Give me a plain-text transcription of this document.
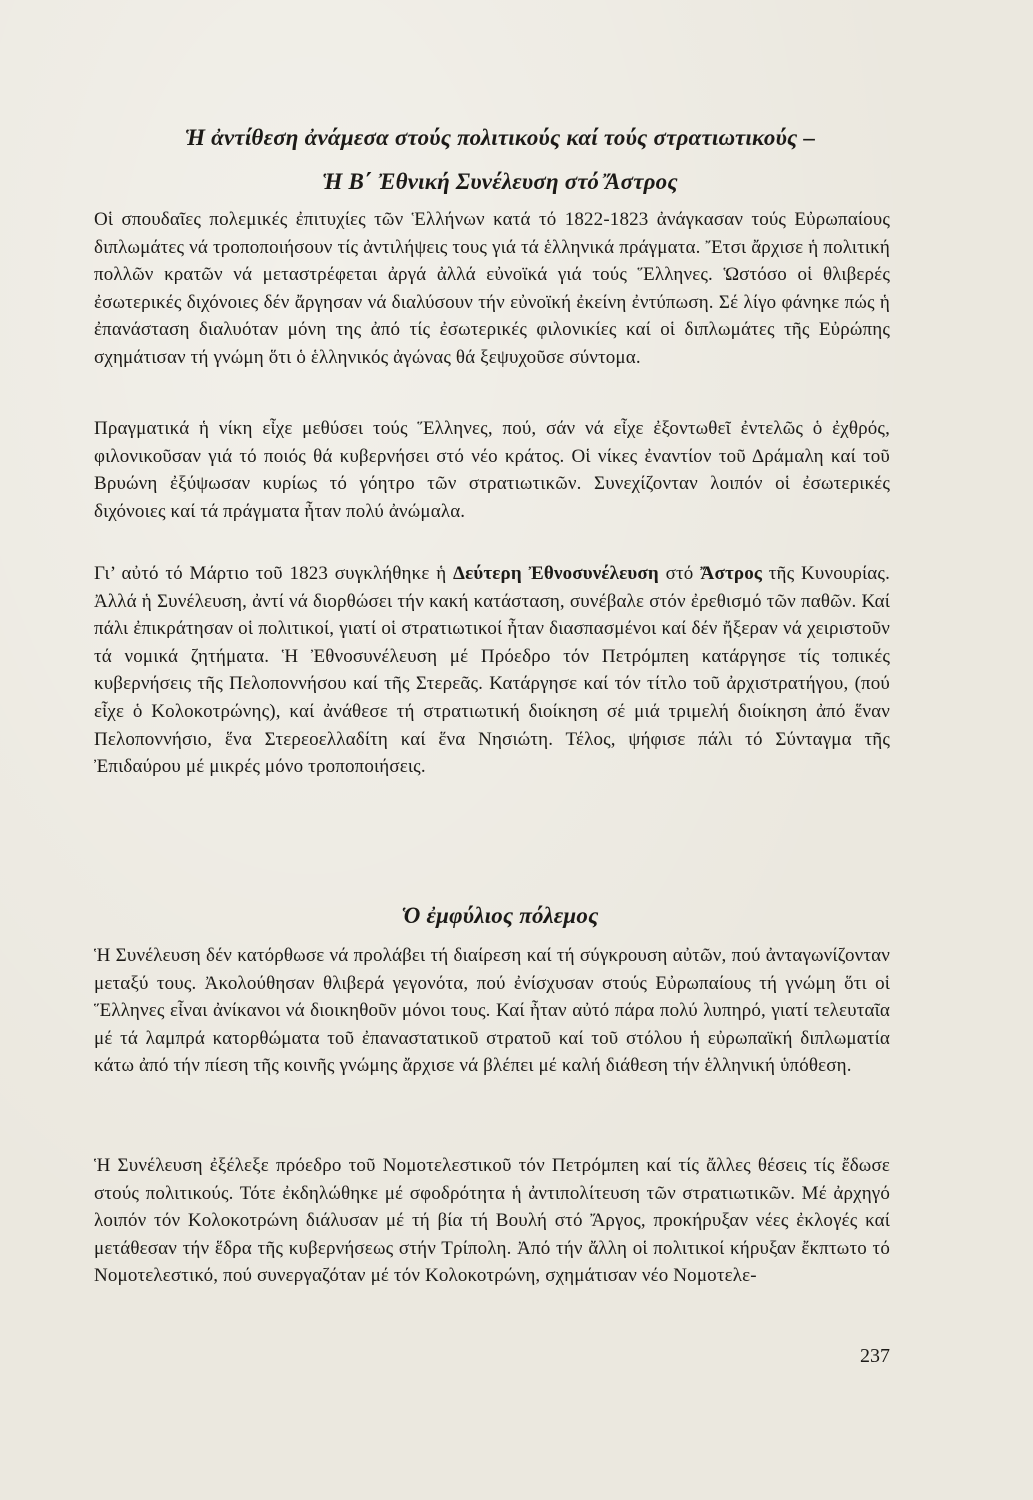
Ἡ ἀντίθεση ἀνάμεσα στούς πολιτικούς καί τούς στρατιωτικούς –
Ἡ Β΄ Ἐθνική Συνέλευση στό Ἄστρος

Οἱ σπουδαῖες πολεμικές ἐπιτυχίες τῶν Ἑλλήνων κατά τό 1822-1823 ἀνάγκασαν τούς Εὐρωπαίους διπλωμάτες νά τροποποιήσουν τίς ἀντιλήψεις τους γιά τά ἑλληνικά πράγματα. Ἔτσι ἄρχισε ἡ πολιτική πολλῶν κρατῶν νά μεταστρέφεται ἀργά ἀλλά εὐνοϊκά γιά τούς Ἕλληνες. Ὡστόσο οἱ θλιβερές ἐσωτερικές διχόνοιες δέν ἄργησαν νά διαλύσουν τήν εὐνοϊκή ἐκείνη ἐντύπωση. Σέ λίγο φάνηκε πώς ἡ ἐπανάσταση διαλυόταν μόνη της ἀπό τίς ἐσωτερικές φιλονικίες καί οἱ διπλωμάτες τῆς Εὐρώπης σχημάτισαν τή γνώμη ὅτι ὁ ἑλληνικός ἀγώνας θά ξεψυχοῦσε σύντομα.

Πραγματικά ἡ νίκη εἶχε μεθύσει τούς Ἕλληνες, πού, σάν νά εἶχε ἐξοντωθεῖ ἐντελῶς ὁ ἐχθρός, φιλονικοῦσαν γιά τό ποιός θά κυβερνήσει στό νέο κράτος. Οἱ νίκες ἐναντίον τοῦ Δράμαλη καί τοῦ Βρυώνη ἐξύψωσαν κυρίως τό γόητρο τῶν στρατιωτικῶν. Συνεχίζονταν λοιπόν οἱ ἐσωτερικές διχόνοιες καί τά πράγματα ἦταν πολύ ἀνώμαλα.

Γι’ αὐτό τό Μάρτιο τοῦ 1823 συγκλήθηκε ἡ Δεύτερη Ἐθνοσυνέλευση στό Ἄστρος τῆς Κυνουρίας. Ἀλλά ἡ Συνέλευση, ἀντί νά διορθώσει τήν κακή κατάσταση, συνέβαλε στόν ἐρεθισμό τῶν παθῶν. Καί πάλι ἐπικράτησαν οἱ πολιτικοί, γιατί οἱ στρατιωτικοί ἦταν διασπασμένοι καί δέν ἤξεραν νά χειριστοῦν τά νομικά ζητήματα. Ἡ Ἐθνοσυνέλευση μέ Πρόεδρο τόν Πετρόμπεη κατάργησε τίς τοπικές κυβερνήσεις τῆς Πελοποννήσου καί τῆς Στερεᾶς. Κατάργησε καί τόν τίτλο τοῦ ἀρχιστρατήγου, (πού εἶχε ὁ Κολοκοτρώνης), καί ἀνάθεσε τή στρατιωτική διοίκηση σέ μιά τριμελή διοίκηση ἀπό ἕναν Πελοποννήσιο, ἕνα Στερεοελλαδίτη καί ἕνα Νησιώτη. Τέλος, ψήφισε πάλι τό Σύνταγμα τῆς Ἐπιδαύρου μέ μικρές μόνο τροποποιήσεις.

Ὁ ἐμφύλιος πόλεμος

Ἡ Συνέλευση δέν κατόρθωσε νά προλάβει τή διαίρεση καί τή σύγκρουση αὐτῶν, πού ἀνταγωνίζονταν μεταξύ τους. Ἀκολούθησαν θλιβερά γεγονότα, πού ἐνίσχυσαν στούς Εὐρωπαίους τή γνώμη ὅτι οἱ Ἕλληνες εἶναι ἀνίκανοι νά διοικηθοῦν μόνοι τους. Καί ἦταν αὐτό πάρα πολύ λυπηρό, γιατί τελευταῖα μέ τά λαμπρά κατορθώματα τοῦ ἐπαναστατικοῦ στρατοῦ καί τοῦ στόλου ἡ εὐρωπαϊκή διπλωματία κάτω ἀπό τήν πίεση τῆς κοινῆς γνώμης ἄρχισε νά βλέπει μέ καλή διάθεση τήν ἑλληνική ὑπόθεση.

Ἡ Συνέλευση ἐξέλεξε πρόεδρο τοῦ Νομοτελεστικοῦ τόν Πετρόμπεη καί τίς ἄλλες θέσεις τίς ἔδωσε στούς πολιτικούς. Τότε ἐκδηλώθηκε μέ σφοδρότητα ἡ ἀντιπολίτευση τῶν στρατιωτικῶν. Μέ ἀρχηγό λοιπόν τόν Κολοκοτρώνη διάλυσαν μέ τή βία τή Βουλή στό Ἄργος, προκήρυξαν νέες ἐκλογές καί μετάθεσαν τήν ἕδρα τῆς κυβερνήσεως στήν Τρίπολη. Ἀπό τήν ἄλλη οἱ πολιτικοί κήρυξαν ἔκπτωτο τό Νομοτελεστικό, πού συνεργαζόταν μέ τόν Κολοκοτρώνη, σχημάτισαν νέο Νομοτελε-

237
